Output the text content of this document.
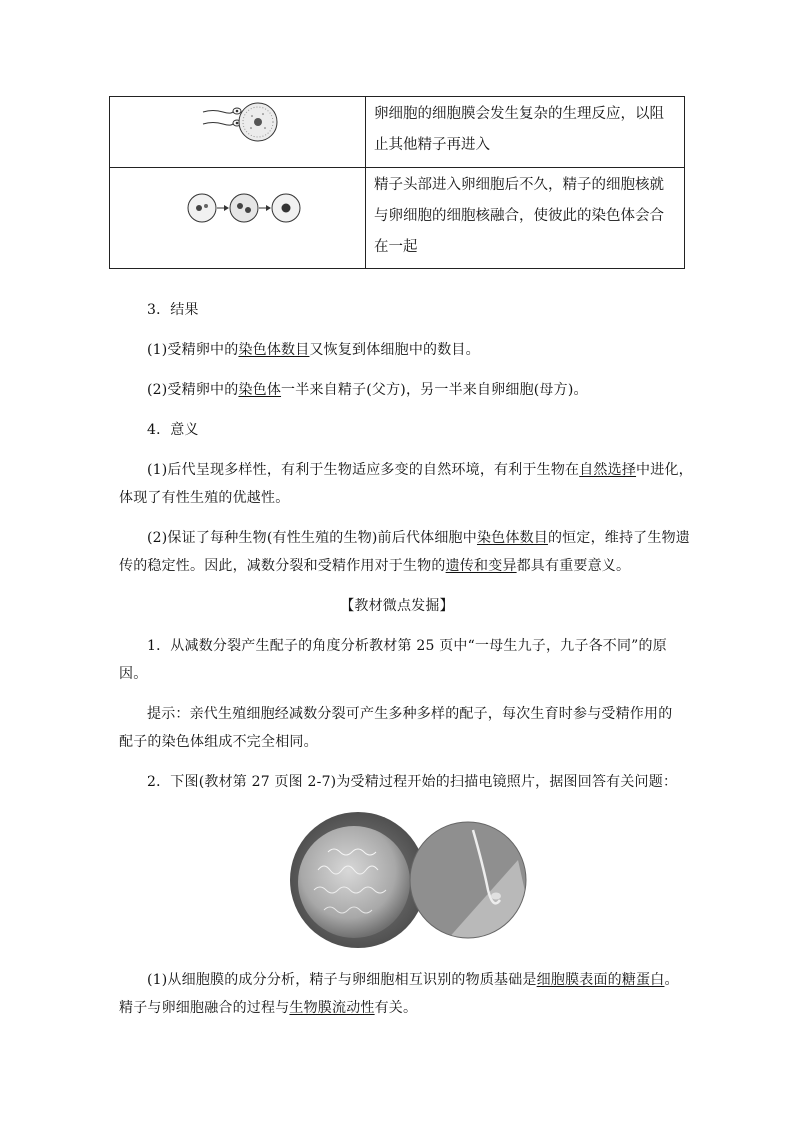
	卵细胞的细胞膜会发生复杂的生理反应，以阻止其他精子再进入
	精子头部进入卵细胞后不久，精子的细胞核就与卵细胞的细胞核融合，使彼此的染色体会合在一起
3．结果
(1)受精卵中的染色体数目又恢复到体细胞中的数目。
(2)受精卵中的染色体一半来自精子(父方)，另一半来自卵细胞(母方)。
4．意义
(1)后代呈现多样性，有利于生物适应多变的自然环境，有利于生物在自然选择中进化，
体现了有性生殖的优越性。
(2)保证了每种生物(有性生殖的生物)前后代体细胞中染色体数目的恒定，维持了生物遗
传的稳定性。因此，减数分裂和受精作用对于生物的遗传和变异都具有重要意义。
【教材微点发掘】
1．从减数分裂产生配子的角度分析教材第 25 页中“一母生九子，九子各不同”的原
因。
提示：亲代生殖细胞经减数分裂可产生多种多样的配子，每次生育时参与受精作用的
配子的染色体组成不完全相同。
2．下图(教材第 27 页图 2-7)为受精过程开始的扫描电镜照片，据图回答有关问题：
(1)从细胞膜的成分分析，精子与卵细胞相互识别的物质基础是细胞膜表面的糖蛋白。
精子与卵细胞融合的过程与生物膜流动性有关。
